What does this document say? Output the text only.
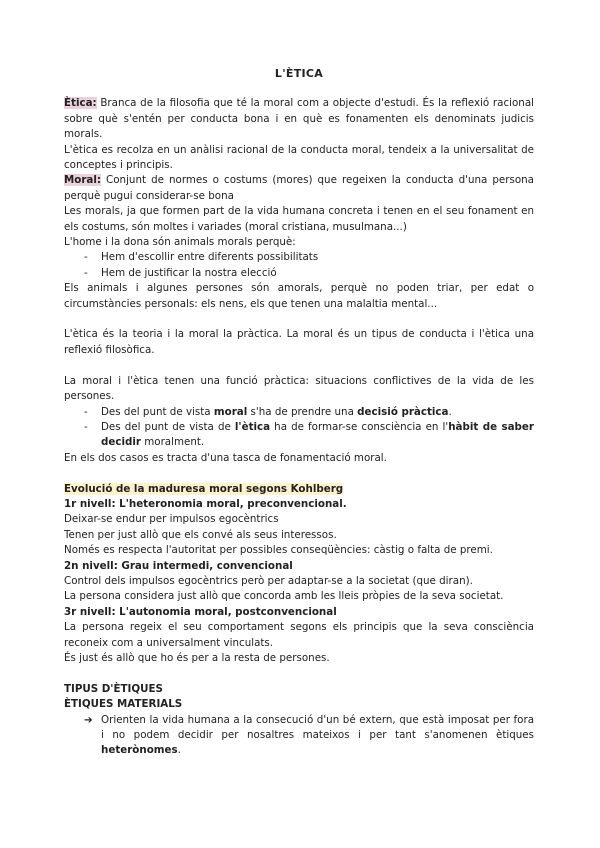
L'ÈTICA

Ètica: Branca de la filosofia que té la moral com a objecte d'estudi. És la reflexió racional sobre què s'entén per conducta bona i en què es fonamenten els denominats judicis morals.

L'ètica es recolza en un anàlisi racional de la conducta moral, tendeix a la universalitat de conceptes i principis.

Moral: Conjunt de normes o costums (mores) que regeixen la conducta d'una persona perquè pugui considerar-se bona

Les morals, ja que formen part de la vida humana concreta i tenen en el seu fonament en els costums, són moltes i variades (moral cristiana, musulmana...)

L'home i la dona són animals morals perquè:

- Hem d'escollir entre diferents possibilitats
- Hem de justificar la nostra elecció

Els animals i algunes persones són amorals, perquè no poden triar, per edat o circumstàncies personals: els nens, els que tenen una malaltia mental...

L'ètica és la teoria i la moral la pràctica. La moral és un tipus de conducta i l'ètica una reflexió filosòfica.

La moral i l'ètica tenen una funció pràctica: situacions conflictives de la vida de les persones.

- Des del punt de vista moral s'ha de prendre una decisió pràctica.
- Des del punt de vista de l'ètica ha de formar-se consciència en l'hàbit de saber decidir moralment.

En els dos casos es tracta d'una tasca de fonamentació moral.

Evolució de la maduresa moral segons Kohlberg

1r nivell: L'heteronomia moral, preconvencional.

Deixar-se endur per impulsos egocèntrics

Tenen per just allò que els convé als seus interessos.

Només es respecta l'autoritat per possibles conseqüències: càstig o falta de premi.

2n nivell: Grau intermedi, convencional

Control dels impulsos egocèntrics però per adaptar-se a la societat (que diran).

La persona considera just allò que concorda amb les lleis pròpies de la seva societat.

3r nivell: L'autonomia moral, postconvencional

La persona regeix el seu comportament segons els principis que la seva consciència reconeix com a universalment vinculats.

És just és allò que ho és per a la resta de persones.

TIPUS D'ÈTIQUES

ÈTIQUES MATERIALS

➔ Orienten la vida humana a la consecució d'un bé extern, que està imposat per fora i no podem decidir per nosaltres mateixos i per tant s'anomenen ètiques heterònomes.
